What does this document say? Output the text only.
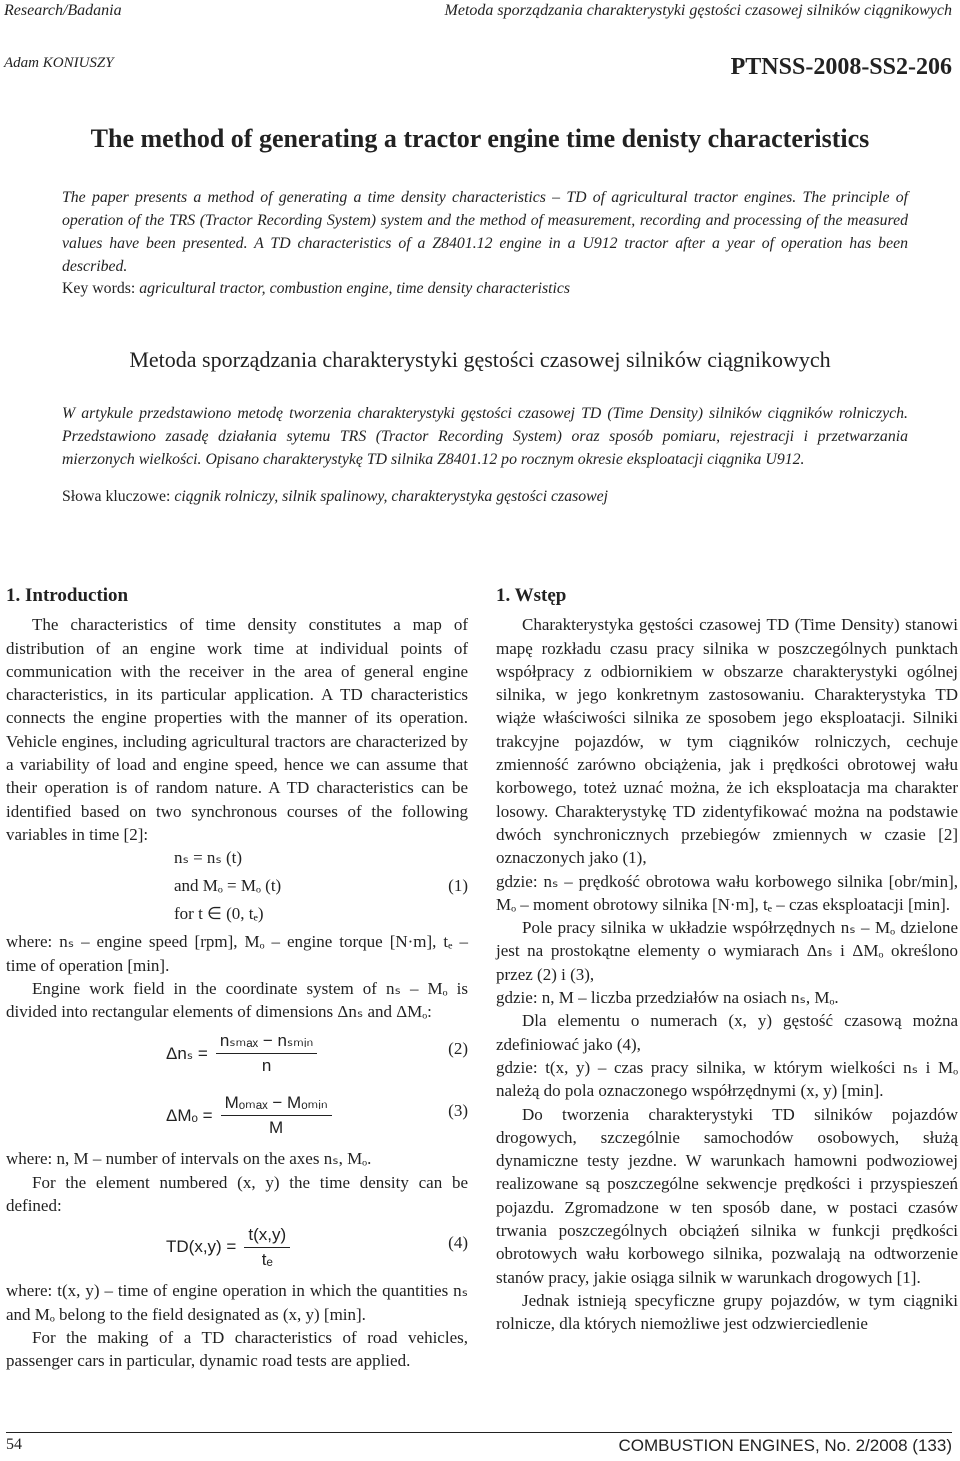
Research/Badania	Metoda sporządzania charakterystyki gęstości czasowej silników ciągnikowych
Adam KONIUSZY	PTNSS-2008-SS2-206
The method of generating a tractor engine time denisty characteristics
The paper presents a method of generating a time density characteristics – TD of agricultural tractor engines. The principle of operation of the TRS (Tractor Recording System) system and the method of measurement, recording and processing of the measured values have been presented. A TD characteristics of a Z8401.12 engine in a U912 tractor after a year of operation has been described.
Key words: agricultural tractor, combustion engine, time density characteristics
Metoda sporządzania charakterystyki gęstości czasowej silników ciągnikowych
W artykule przedstawiono metodę tworzenia charakterystyki gęstości czasowej TD (Time Density) silników ciągników rolniczych. Przedstawiono zasadę działania sytemu TRS (Tractor Recording System) oraz sposób pomiaru, rejestracji i przetwarzania mierzonych wielkości. Opisano charakterystykę TD silnika Z8401.12 po rocznym okresie eksploatacji ciągnika U912.
Słowa kluczowe: ciągnik rolniczy, silnik spalinowy, charakterystyka gęstości czasowej
1. Introduction

The characteristics of time density constitutes a map of distribution of an engine work time at individual points of communication with the receiver in the area of general engine characteristics, in its particular application. A TD characteristics connects the engine properties with the manner of its operation. Vehicle engines, including agricultural tractors are characterized by a variability of load and engine speed, hence we can assume that their operation is of random nature. A TD characteristics can be identified based on two synchronous courses of the following variables in time [2]:

nₛ = nₛ (t)
and Mₒ = Mₒ (t)	(1)
for t ∈ (0, tₑ)

where: nₛ – engine speed [rpm], Mₒ – engine torque [N·m], tₑ – time of operation [min].

Engine work field in the coordinate system of nₛ – Mₒ is divided into rectangular elements of dimensions Δnₛ and ΔMₒ:

$\Delta n_s = \frac{\text{nₛₘₐₓ − nₛₘᵢₙ}}{n}$	(2)
$\Delta M_o = \frac{\text{Mₒₘₐₓ − Mₒₘᵢₙ}}{M}$	(3)

where: n, M – number of intervals on the axes nₛ, Mₒ.

For the element numbered (x, y) the time density can be defined:

$TD(x,y) = \frac{t(x,y)}{\text{tₑ}}$	(4)

where: t(x, y) – time of engine operation in which the quantities nₛ and Mₒ belong to the field designated as (x, y) [min].

For the making of a TD characteristics of road vehicles, passenger cars in particular, dynamic road tests are applied.

1. Wstęp

Charakterystyka gęstości czasowej TD (Time Density) stanowi mapę rozkładu czasu pracy silnika w poszczególnych punktach współpracy z odbiornikiem w obszarze charakterystyki ogólnej silnika, w jego konkretnym zastosowaniu. Charakterystyka TD wiąże właściwości silnika ze sposobem jego eksploatacji. Silniki trakcyjne pojazdów, w tym ciągników rolniczych, cechuje zmienność zarówno obciążenia, jak i prędkości obrotowej wału korbowego, toteż uznać można, że ich eksploatacja ma charakter losowy. Charakterystykę TD zidentyfikować można na podstawie dwóch synchronicznych przebiegów zmiennych w czasie [2] oznaczonych jako (1),

gdzie: nₛ – prędkość obrotowa wału korbowego silnika [obr/min], Mₒ – moment obrotowy silnika [N·m], tₑ – czas eksploatacji [min].

Pole pracy silnika w układzie współrzędnych nₛ – Mₒ dzielone jest na prostokątne elementy o wymiarach Δnₛ i ΔMₒ określono przez (2) i (3),

gdzie: n, M – liczba przedziałów na osiach nₛ, Mₒ.

Dla elementu o numerach (x, y) gęstość czasową można zdefiniować jako (4),

gdzie: t(x, y) – czas pracy silnika, w którym wielkości nₛ i Mₒ należą do pola oznaczonego współrzędnymi (x, y) [min].

Do tworzenia charakterystyki TD silników pojazdów drogowych, szczególnie samochodów osobowych, służą dynamiczne testy jezdne. W warunkach hamowni podwoziowej realizowane są poszczególne sekwencje prędkości i przyspieszeń pojazdu. Zgromadzone w ten sposób dane, w postaci czasów trwania poszczególnych obciążeń silnika w funkcji prędkości obrotowych wału korbowego silnika, pozwalają na odtworzenie stanów pracy, jakie osiąga silnik w warunkach drogowych [1].

Jednak istnieją specyficzne grupy pojazdów, w tym ciągniki rolnicze, dla których niemożliwe jest odzwierciedlenie

54	COMBUSTION ENGINES, No. 2/2008 (133)
